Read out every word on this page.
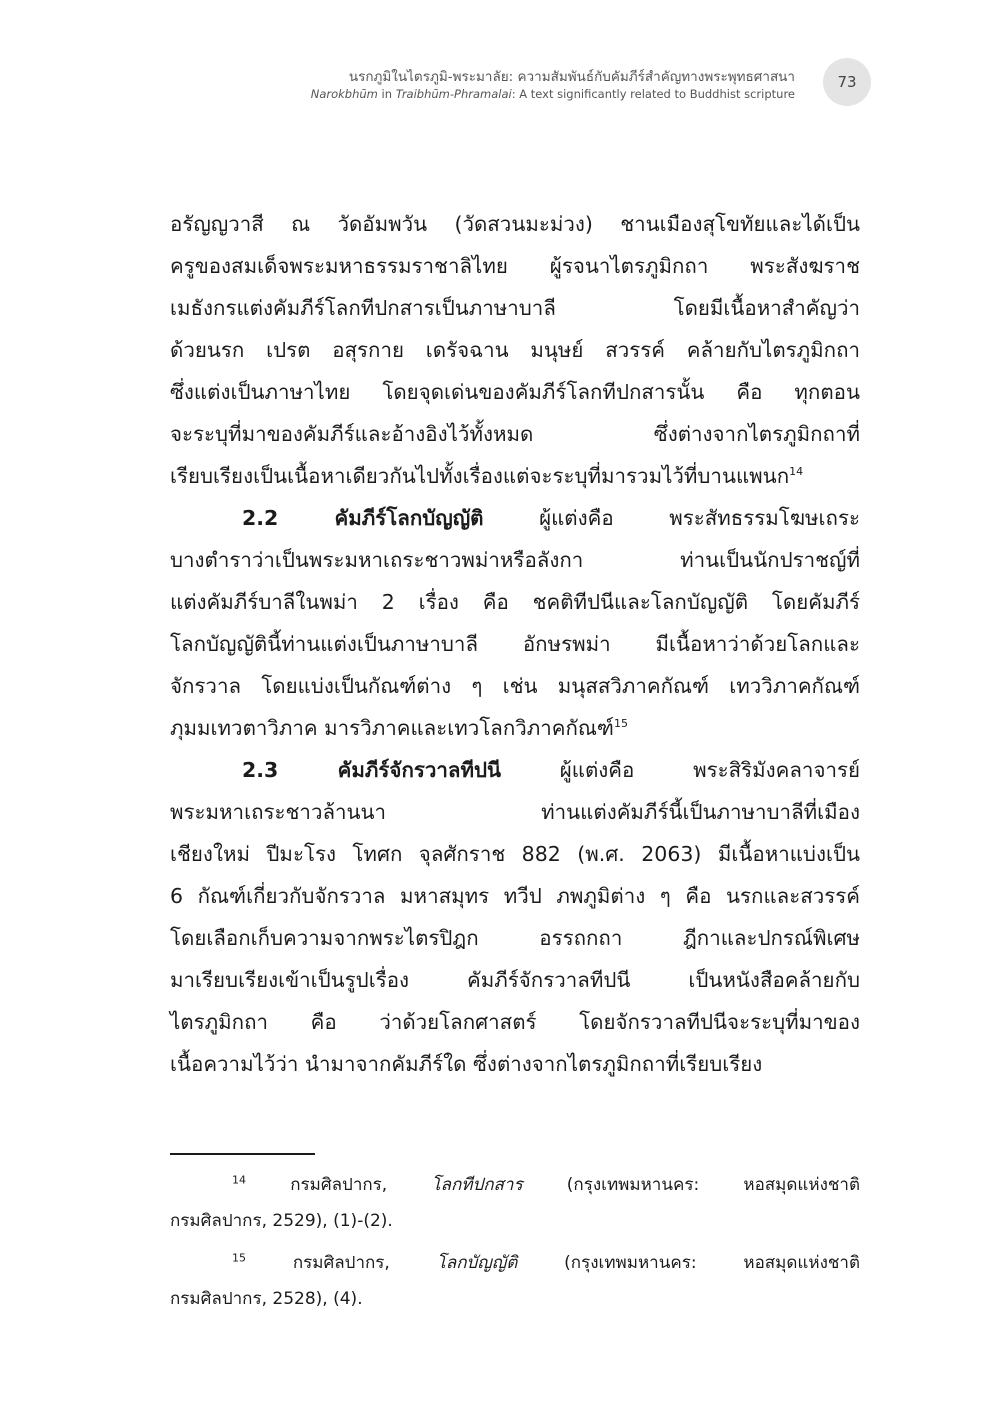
นรกภูมิในไตรภูมิ-พระมาลัย: ความสัมพันธ์กับคัมภีร์สำคัญทางพระพุทธศาสนา
Narokbhūm in Traibhūm-Phramalai: A text significantly related to Buddhist scripture
73
อรัญญวาสี ณ วัดอัมพวัน (วัดสวนมะม่วง) ชานเมืองสุโขทัยและได้เป็น
ครูของสมเด็จพระมหาธรรมราชาลิไทย ผู้รจนาไตรภูมิกถา พระสังฆราช
เมธังกรแต่งคัมภีร์โลกทีปกสารเป็นภาษาบาลี โดยมีเนื้อหาสำคัญว่า
ด้วยนรก เปรต อสุรกาย เดรัจฉาน มนุษย์ สวรรค์ คล้ายกับไตรภูมิกถา
ซึ่งแต่งเป็นภาษาไทย โดยจุดเด่นของคัมภีร์โลกทีปกสารนั้น คือ ทุกตอน
จะระบุที่มาของคัมภีร์และอ้างอิงไว้ทั้งหมด ซึ่งต่างจากไตรภูมิกถาที่
เรียบเรียงเป็นเนื้อหาเดียวกันไปทั้งเรื่องแต่จะระบุที่มารวมไว้ที่บานแพนก$^{14}$
2.2 คัมภีร์โลกบัญญัติ ผู้แต่งคือ พระสัทธรรมโฆษเถระ
บางตำราว่าเป็นพระมหาเถระชาวพม่าหรือลังกา ท่านเป็นนักปราชญ์ที่
แต่งคัมภีร์บาลีในพม่า 2 เรื่อง คือ ชคติทีปนีและโลกบัญญัติ โดยคัมภีร์
โลกบัญญัตินี้ท่านแต่งเป็นภาษาบาลี อักษรพม่า มีเนื้อหาว่าด้วยโลกและ
จักรวาล โดยแบ่งเป็นกัณฑ์ต่าง ๆ เช่น มนุสสวิภาคกัณฑ์ เทววิภาคกัณฑ์
ภุมมเทวตาวิภาค มารวิภาคและเทวโลกวิภาคกัณฑ์$^{15}$
2.3 คัมภีร์จักรวาลทีปนี ผู้แต่งคือ พระสิริมังคลาจารย์
พระมหาเถระชาวล้านนา ท่านแต่งคัมภีร์นี้เป็นภาษาบาลีที่เมือง
เชียงใหม่ ปีมะโรง โทศก จุลศักราช 882 (พ.ศ. 2063) มีเนื้อหาแบ่งเป็น
6 กัณฑ์เกี่ยวกับจักรวาล มหาสมุทร ทวีป ภพภูมิต่าง ๆ คือ นรกและสวรรค์
โดยเลือกเก็บความจากพระไตรปิฎก อรรถกถา ฎีกาและปกรณ์พิเศษ
มาเรียบเรียงเข้าเป็นรูปเรื่อง คัมภีร์จักรวาลทีปนี เป็นหนังสือคล้ายกับ
ไตรภูมิกถา คือ ว่าด้วยโลกศาสตร์ โดยจักรวาลทีปนีจะระบุที่มาของ
เนื้อความไว้ว่า นำมาจากคัมภีร์ใด ซึ่งต่างจากไตรภูมิกถาที่เรียบเรียง
$^{14}$ กรมศิลปากร, โลกทีปกสาร (กรุงเทพมหานคร: หอสมุดแห่งชาติ
กรมศิลปากร, 2529), (1)-(2).
$^{15}$ กรมศิลปากร, โลกบัญญัติ (กรุงเทพมหานคร: หอสมุดแห่งชาติ
กรมศิลปากร, 2528), (4).
